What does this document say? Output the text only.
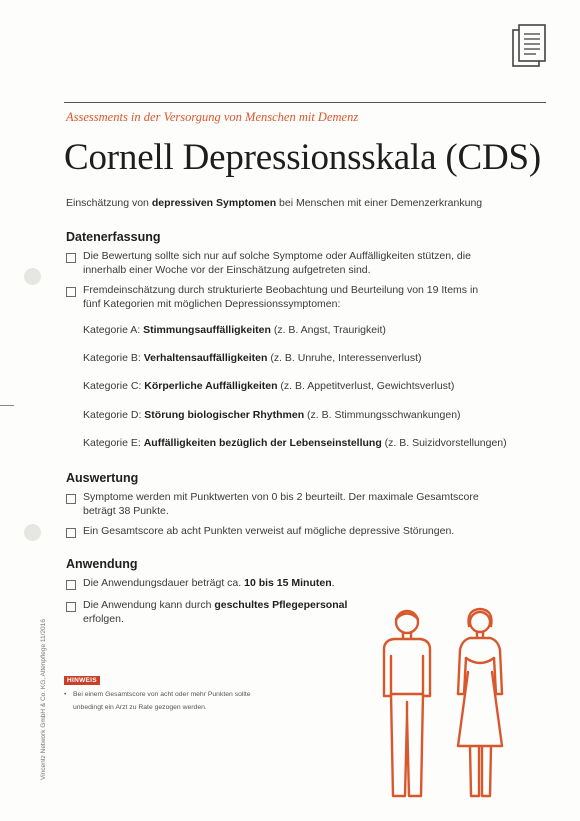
Assessments in der Versorgung von Menschen mit Demenz
Cornell Depressionsskala (CDS)
Einschätzung von depressiven Symptomen bei Menschen mit einer Demenzerkrankung
Datenerfassung
Die Bewertung sollte sich nur auf solche Symptome oder Auffälligkeiten stützen, die
innerhalb einer Woche vor der Einschätzung aufgetreten sind.
Fremdeinschätzung durch strukturierte Beobachtung und Beurteilung von 19 Items in
fünf Kategorien mit möglichen Depressionssymptomen:
Kategorie A: Stimmungsauffälligkeiten (z. B. Angst, Traurigkeit)
Kategorie B: Verhaltensauffälligkeiten (z. B. Unruhe, Interessenverlust)
Kategorie C: Körperliche Auffälligkeiten (z. B. Appetitverlust, Gewichtsverlust)
Kategorie D: Störung biologischer Rhythmen (z. B. Stimmungsschwankungen)
Kategorie E: Auffälligkeiten bezüglich der Lebenseinstellung (z. B. Suizidvorstellungen)
Auswertung
Symptome werden mit Punktwerten von 0 bis 2 beurteilt. Der maximale Gesamtscore
beträgt 38 Punkte.
Ein Gesamtscore ab acht Punkten verweist auf mögliche depressive Störungen.
Anwendung
Die Anwendungsdauer beträgt ca. 10 bis 15 Minuten.
Die Anwendung kann durch geschultes Pflegepersonal
erfolgen.
HINWEIS
• Bei einem Gesamtscore von acht oder mehr Punkten sollte
unbedingt ein Arzt zu Rate gezogen werden.
Vincentz Network GmbH & Co. KG, Altenpflege 11/2016
